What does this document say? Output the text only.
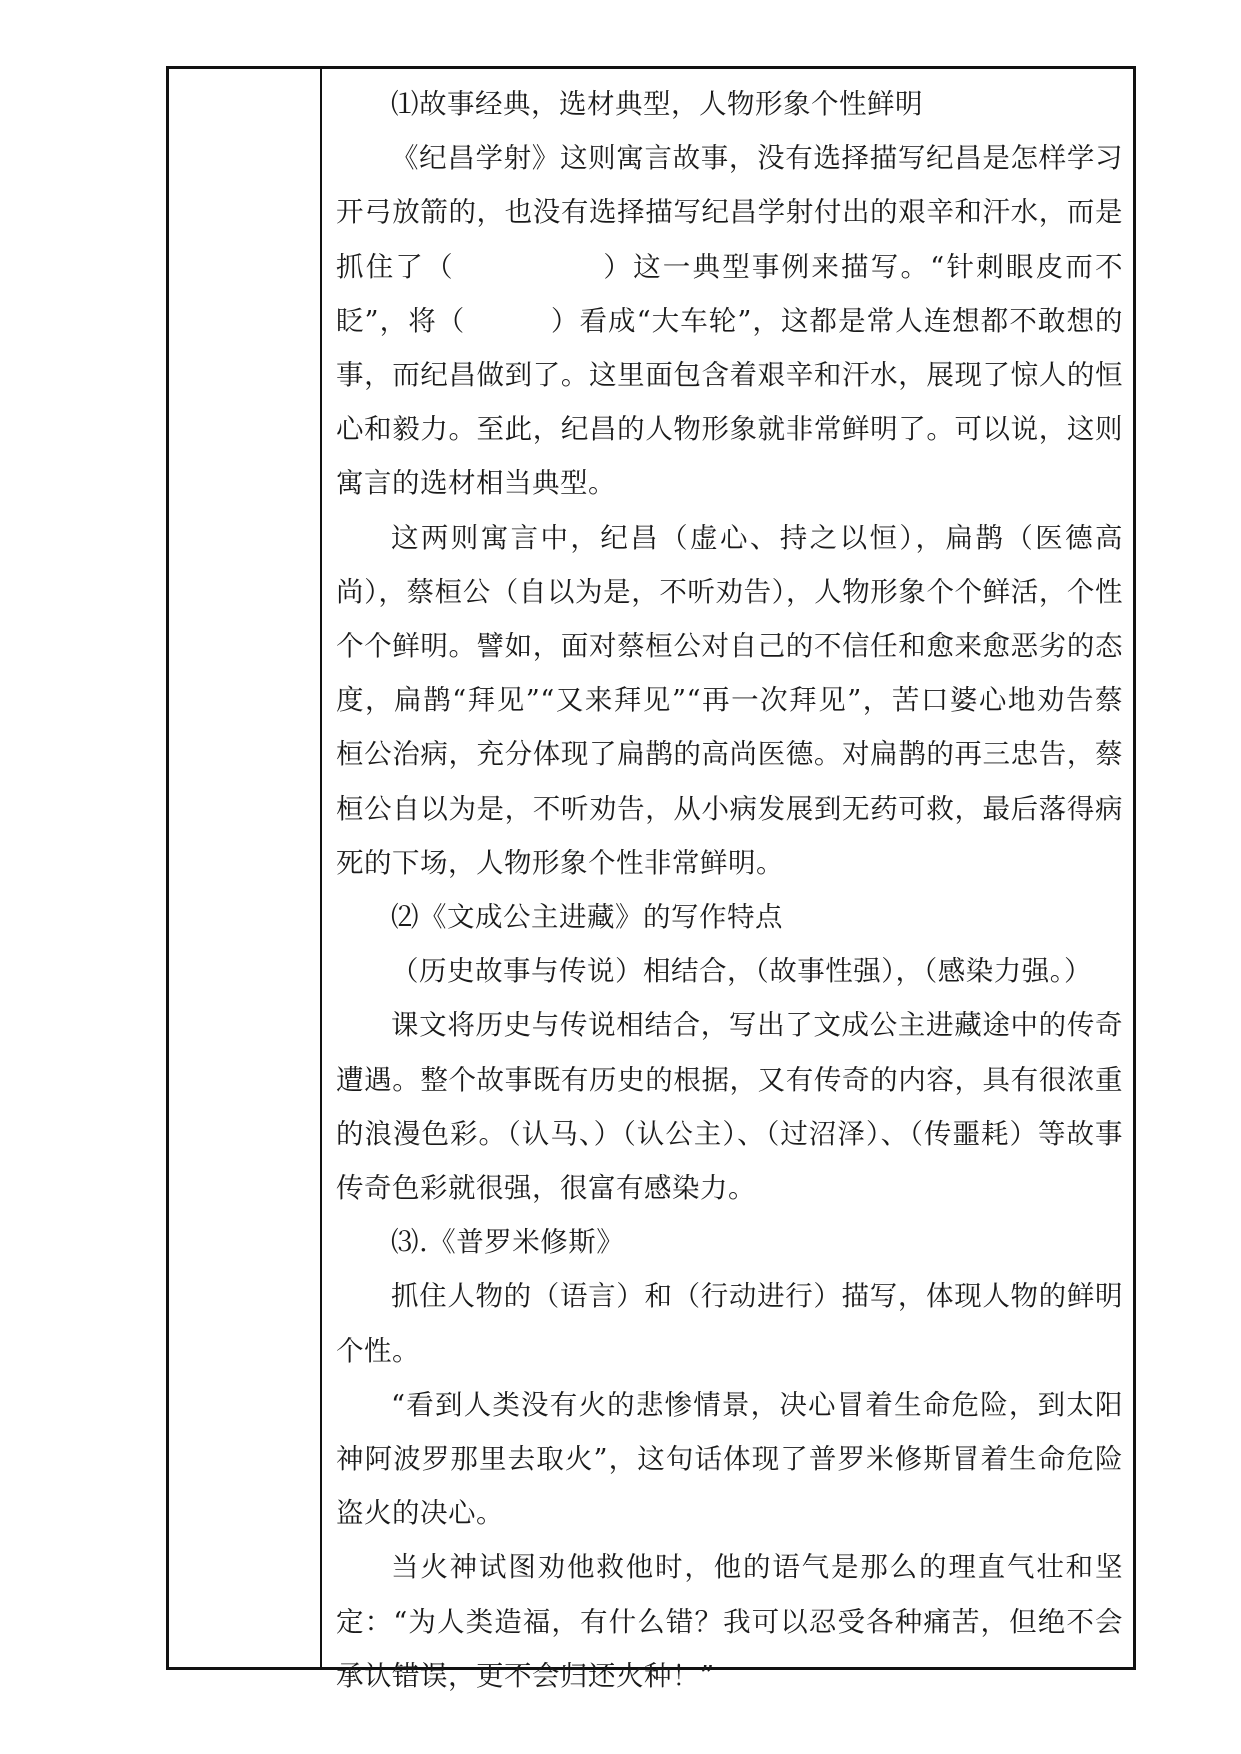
⑴故事经典，选材典型，人物形象个性鲜明

《纪昌学射》这则寓言故事，没有选择描写纪昌是怎样学习开弓放箭的，也没有选择描写纪昌学射付出的艰辛和汗水，而是抓住了（　　　　　）这一典型事例来描写。“针刺眼皮而不眨”，将（　　　）看成“大车轮”，这都是常人连想都不敢想的事，而纪昌做到了。这里面包含着艰辛和汗水，展现了惊人的恒心和毅力。至此，纪昌的人物形象就非常鲜明了。可以说，这则寓言的选材相当典型。

这两则寓言中，纪昌（虚心、持之以恒），扁鹊（医德高尚），蔡桓公（自以为是，不听劝告），人物形象个个鲜活，个性个个鲜明。譬如，面对蔡桓公对自己的不信任和愈来愈恶劣的态度，扁鹊“拜见”“又来拜见”“再一次拜见”，苦口婆心地劝告蔡桓公治病，充分体现了扁鹊的高尚医德。对扁鹊的再三忠告，蔡桓公自以为是，不听劝告，从小病发展到无药可救，最后落得病死的下场，人物形象个性非常鲜明。

⑵《文成公主进藏》的写作特点

（历史故事与传说）相结合，（故事性强），（感染力强。）

课文将历史与传说相结合，写出了文成公主进藏途中的传奇遭遇。整个故事既有历史的根据，又有传奇的内容，具有很浓重的浪漫色彩。（认马、）（认公主）、（过沼泽）、（传噩耗）等故事传奇色彩就很强，很富有感染力。

⑶.《普罗米修斯》

抓住人物的（语言）和（行动进行）描写，体现人物的鲜明个性。

“看到人类没有火的悲惨情景，决心冒着生命危险，到太阳神阿波罗那里去取火”，这句话体现了普罗米修斯冒着生命危险盗火的决心。

当火神试图劝他救他时，他的语气是那么的理直气壮和坚定：“为人类造福，有什么错？我可以忍受各种痛苦，但绝不会承认错误，更不会归还火种！”
